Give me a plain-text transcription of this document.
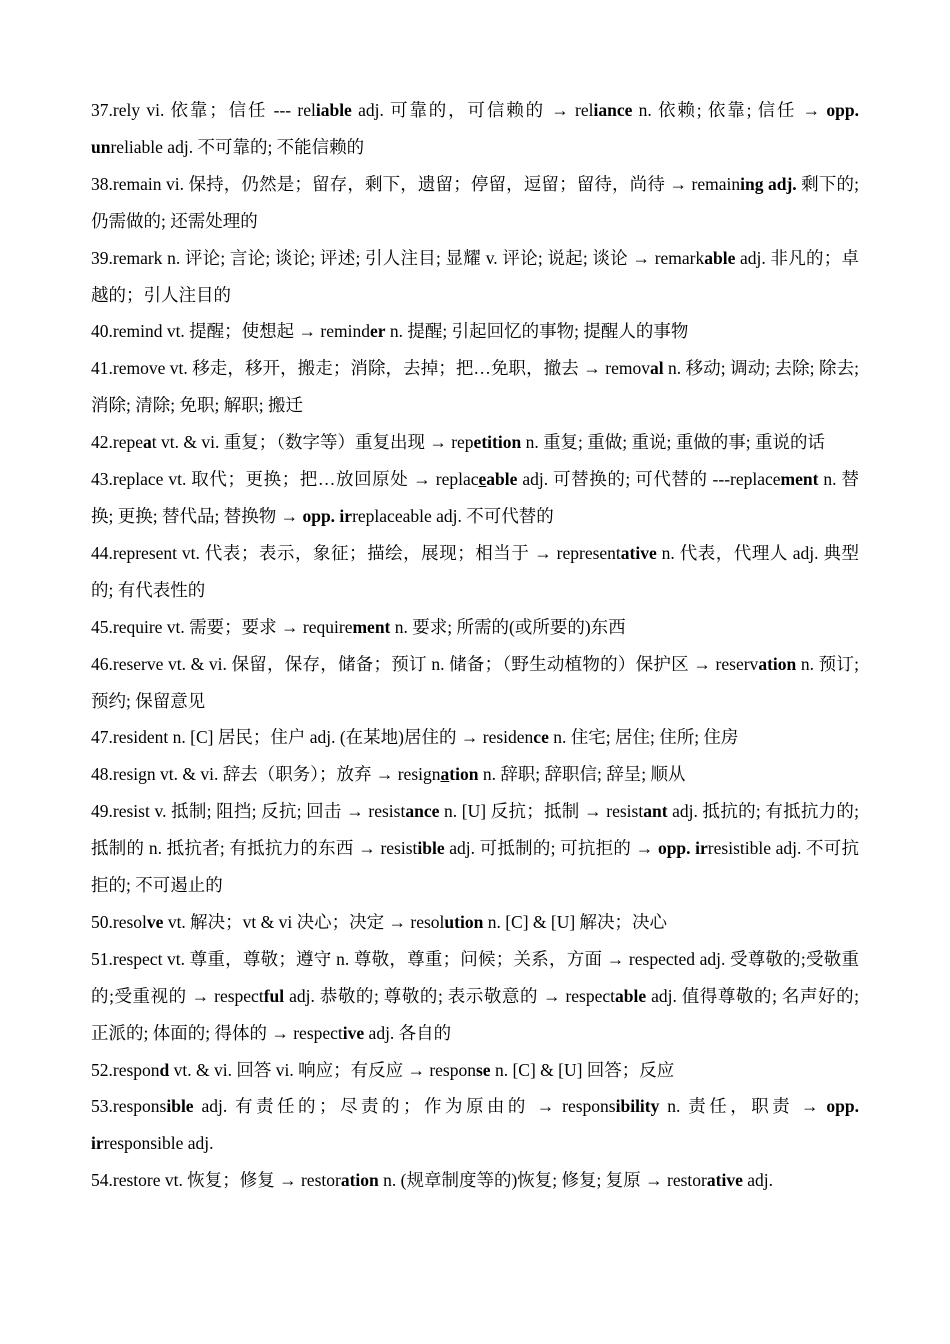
37.rely vi. 依靠；信任 --- reliable adj. 可靠的，可信赖的 → reliance n. 依赖; 依靠; 信任 → opp. unreliable adj. 不可靠的; 不能信赖的

38.remain vi. 保持，仍然是；留存，剩下，遗留；停留，逗留；留待，尚待 → remaining adj. 剩下的; 仍需做的; 还需处理的

39.remark n. 评论; 言论; 谈论; 评述; 引人注目; 显耀 v. 评论; 说起; 谈论 → remarkable adj. 非凡的；卓越的；引人注目的

40.remind vt. 提醒；使想起 → reminder n. 提醒; 引起回忆的事物; 提醒人的事物

41.remove vt. 移走，移开，搬走；消除，去掉；把…免职，撤去 → removal n. 移动; 调动; 去除; 除去; 消除; 清除; 免职; 解职; 搬迁

42.repeat vt. & vi. 重复；（数字等）重复出现 → repetition n. 重复; 重做; 重说; 重做的事; 重说的话

43.replace vt. 取代；更换；把…放回原处 → replaceable adj. 可替换的; 可代替的 ---replacement n. 替换; 更换; 替代品; 替换物 → opp. irreplaceable adj. 不可代替的

44.represent vt. 代表；表示，象征；描绘，展现；相当于 → representative n. 代表，代理人 adj. 典型的; 有代表性的

45.require vt. 需要；要求 → requirement n. 要求; 所需的(或所要的)东西

46.reserve vt. & vi. 保留，保存，储备；预订 n. 储备；（野生动植物的）保护区 → reservation n. 预订; 预约; 保留意见

47.resident n. [C] 居民；住户 adj. (在某地)居住的 → residence n. 住宅; 居住; 住所; 住房

48.resign vt. & vi. 辞去（职务）；放弃 → resignation n. 辞职; 辞职信; 辞呈; 顺从

49.resist v. 抵制; 阻挡; 反抗; 回击 → resistance n. [U] 反抗；抵制 → resistant adj. 抵抗的; 有抵抗力的; 抵制的 n. 抵抗者; 有抵抗力的东西 → resistible adj. 可抵制的; 可抗拒的 → opp. irresistible adj. 不可抗拒的; 不可遏止的

50.resolve vt. 解决；vt & vi 决心；决定 → resolution n. [C] & [U] 解决；决心

51.respect vt. 尊重，尊敬；遵守 n. 尊敬，尊重；问候；关系，方面 → respected adj. 受尊敬的;受敬重的;受重视的 → respectful adj. 恭敬的; 尊敬的; 表示敬意的 → respectable adj. 值得尊敬的; 名声好的; 正派的; 体面的; 得体的 → respective adj. 各自的

52.respond vt. & vi. 回答 vi. 响应；有反应 → response n. [C] & [U] 回答；反应

53.responsible adj. 有责任的；尽责的；作为原由的 → responsibility n. 责任，职责 → opp. irresponsible adj.

54.restore vt. 恢复；修复 → restoration n. (规章制度等的)恢复; 修复; 复原 → restorative adj.
